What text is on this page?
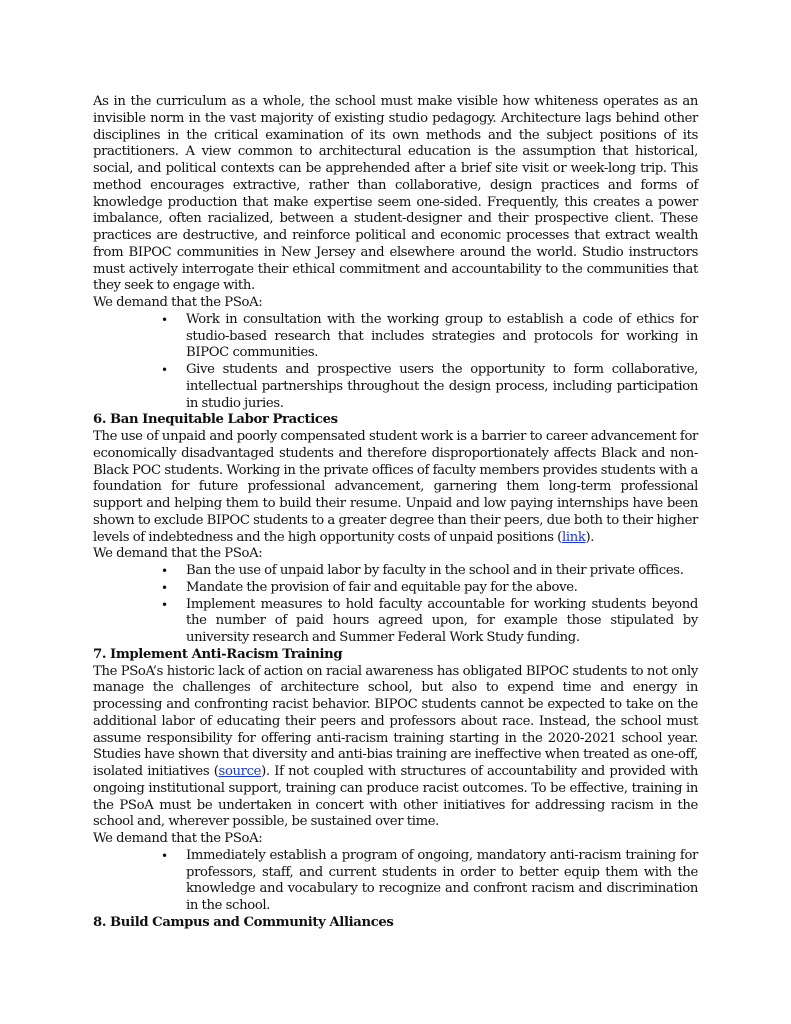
As in the curriculum as a whole, the school must make visible how whiteness operates as an invisible norm in the vast majority of existing studio pedagogy. Architecture lags behind other disciplines in the critical examination of its own methods and the subject positions of its practitioners. A view common to architectural education is the assumption that historical, social, and political contexts can be apprehended after a brief site visit or week-long trip. This method encourages extractive, rather than collaborative, design practices and forms of knowledge production that make expertise seem one-sided. Frequently, this creates a power imbalance, often racialized, between a student-designer and their prospective client. These practices are destructive, and reinforce political and economic processes that extract wealth from BIPOC communities in New Jersey and elsewhere around the world. Studio instructors must actively interrogate their ethical commitment and accountability to the communities that they seek to engage with.

We demand that the PSoA:

• Work in consultation with the working group to establish a code of ethics for studio-based research that includes strategies and protocols for working in BIPOC communities.
• Give students and prospective users the opportunity to form collaborative, intellectual partnerships throughout the design process, including participation in studio juries.
6. Ban Inequitable Labor Practices

The use of unpaid and poorly compensated student work is a barrier to career advancement for economically disadvantaged students and therefore disproportionately affects Black and non-Black POC students. Working in the private offices of faculty members provides students with a foundation for future professional advancement, garnering them long-term professional support and helping them to build their resume. Unpaid and low paying internships have been shown to exclude BIPOC students to a greater degree than their peers, due both to their higher levels of indebtedness and the high opportunity costs of unpaid positions (link).

We demand that the PSoA:

• Ban the use of unpaid labor by faculty in the school and in their private offices.
• Mandate the provision of fair and equitable pay for the above.
• Implement measures to hold faculty accountable for working students beyond the number of paid hours agreed upon, for example those stipulated by university research and Summer Federal Work Study funding.
7. Implement Anti-Racism Training

The PSoA’s historic lack of action on racial awareness has obligated BIPOC students to not only manage the challenges of architecture school, but also to expend time and energy in processing and confronting racist behavior. BIPOC students cannot be expected to take on the additional labor of educating their peers and professors about race. Instead, the school must assume responsibility for offering anti-racism training starting in the 2020-2021 school year. Studies have shown that diversity and anti-bias training are ineffective when treated as one-off, isolated initiatives (source). If not coupled with structures of accountability and provided with ongoing institutional support, training can produce racist outcomes. To be effective, training in the PSoA must be undertaken in concert with other initiatives for addressing racism in the school and, wherever possible, be sustained over time.

We demand that the PSoA:

• Immediately establish a program of ongoing, mandatory anti-racism training for professors, staff, and current students in order to better equip them with the knowledge and vocabulary to recognize and confront racism and discrimination in the school.
8. Build Campus and Community Alliances
